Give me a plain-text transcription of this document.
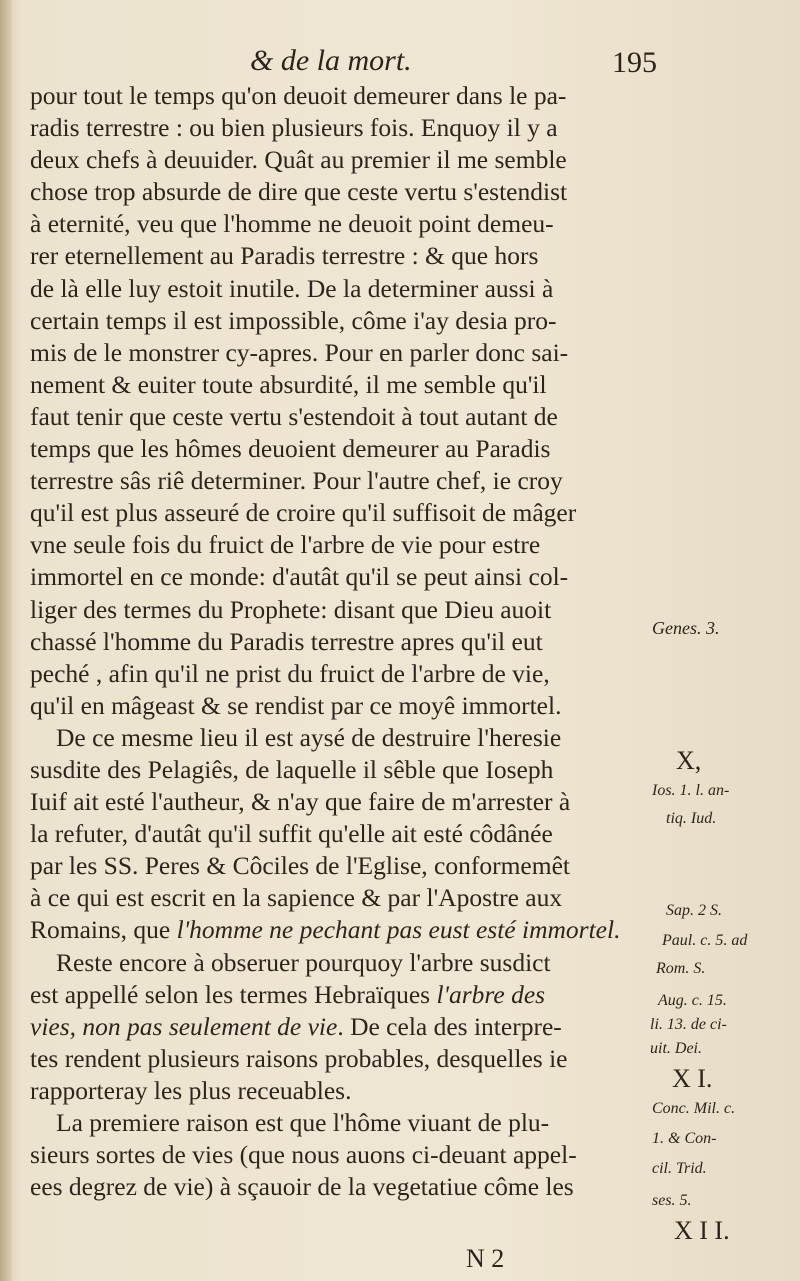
& de la mort.	195
pour tout le temps qu'on deuoit demeurer dans le pa-
radis terrestre : ou bien plusieurs fois. Enquoy il y a
deux chefs à deuuider. Quât au premier il me semble
chose trop absurde de dire que ceste vertu s'estendist
à eternité, veu que l'homme ne deuoit point demeu-
rer eternellement au Paradis terrestre : & que hors
de là elle luy estoit inutile. De la determiner aussi à
certain temps il est impossible, côme i'ay desia pro-
mis de le monstrer cy-apres. Pour en parler donc sai-
nement & euiter toute absurdité, il me semble qu'il
faut tenir que ceste vertu s'estendoit à tout autant de
temps que les hômes deuoient demeurer au Paradis
terrestre sâs riê determiner. Pour l'autre chef, ie croy
qu'il est plus asseuré de croire qu'il suffisoit de mâger
vne seule fois du fruict de l'arbre de vie pour estre
immortel en ce monde: d'autât qu'il se peut ainsi col-
liger des termes du Prophete: disant que Dieu auoit
chassé l'homme du Paradis terrestre apres qu'il eut
peché , afin qu'il ne prist du fruict de l'arbre de vie,
qu'il en mâgeast & se rendist par ce moyê immortel.
De ce mesme lieu il est aysé de destruire l'heresie
susdite des Pelagiês, de laquelle il sêble que Ioseph
Iuif ait esté l'autheur, & n'ay que faire de m'arrester à
la refuter, d'autât qu'il suffit qu'elle ait esté côdânée
par les SS. Peres & Côciles de l'Eglise, conformemêt
à ce qui est escrit en la sapience & par l'Apostre aux
Romains, que l'homme ne pechant pas eust esté immortel.
Reste encore à obseruer pourquoy l'arbre susdict
est appellé selon les termes Hebraïques l'arbre des
vies, non pas seulement de vie. De cela des interpre-
tes rendent plusieurs raisons probables, desquelles ie
rapporteray les plus receuables.
La premiere raison est que l'hôme viuant de plu-
sieurs sortes de vies (que nous auons ci-deuant appel-
ees degrez de vie) à sçauoir de la vegetatiue côme les
Genes. 3.
X,
Ios. 1. l. an-
tiq. Iud.
Sap. 2 S.
Paul. c. 5. ad
Rom. S.
Aug. c. 15.
li. 13. de ci-
uit. Dei.
X I.
Conc. Mil. c.
1. & Con-
cil. Trid.
ses. 5.
X I I.
N 2
